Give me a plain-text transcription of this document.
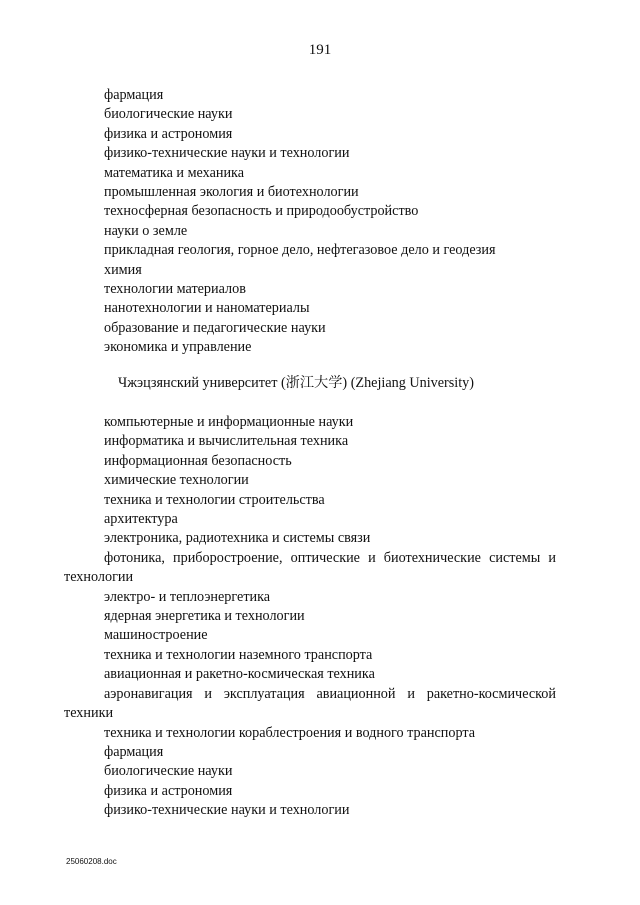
191
фармация
биологические науки
физика и астрономия
физико-технические науки и технологии
математика и механика
промышленная экология и биотехнологии
техносферная безопасность и природообустройство
науки о земле
прикладная геология, горное дело, нефтегазовое дело и геодезия
химия
технологии материалов
нанотехнологии и наноматериалы
образование и педагогические науки
экономика и управление
Чжэцзянский университет (浙江大学) (Zhejiang University)
компьютерные и информационные науки
информатика и вычислительная техника
информационная безопасность
химические технологии
техника и технологии строительства
архитектура
электроника, радиотехника и системы связи
фотоника, приборостроение, оптические и биотехнические системы и технологии
электро- и теплоэнергетика
ядерная энергетика и технологии
машиностроение
техника и технологии наземного транспорта
авиационная и ракетно-космическая техника
аэронавигация и эксплуатация авиационной и ракетно-космической техники
техника и технологии кораблестроения и водного транспорта
фармация
биологические науки
физика и астрономия
физико-технические науки и технологии
25060208.doc
